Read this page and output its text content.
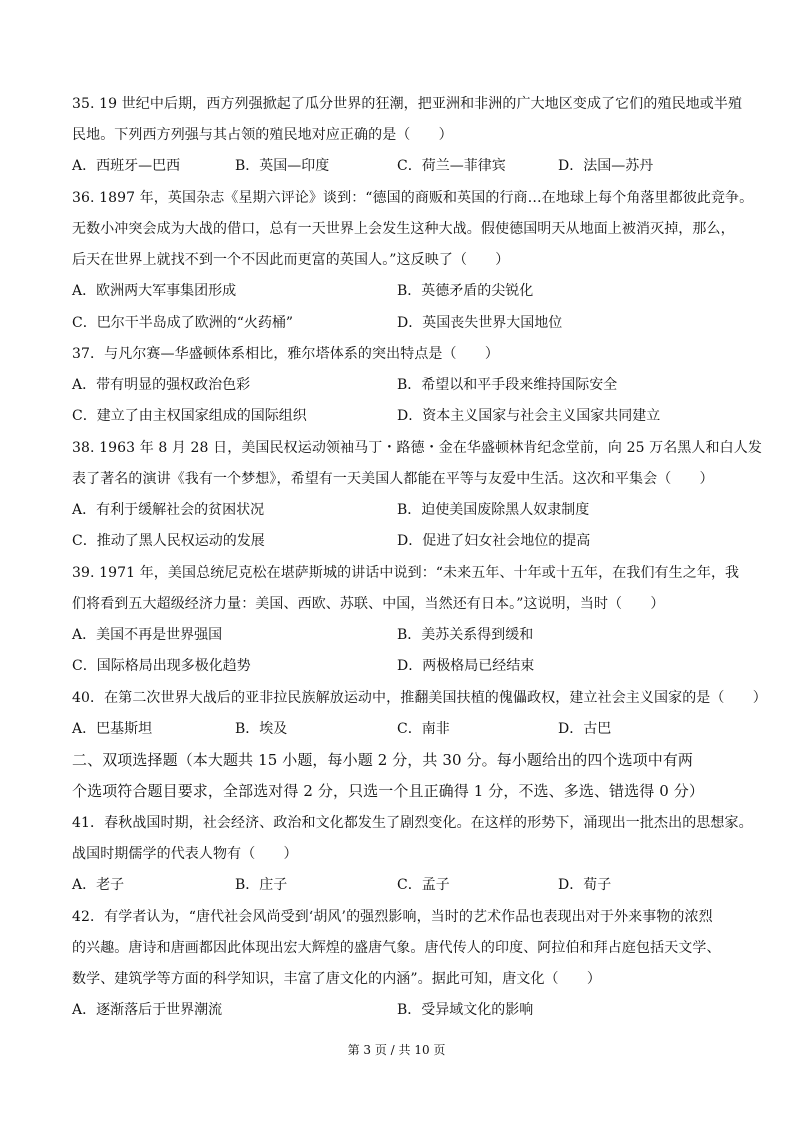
35. 19 世纪中后期，西方列强掀起了瓜分世界的狂潮，把亚洲和非洲的广大地区变成了它们的殖民地或半殖
民地。下列西方列强与其占领的殖民地对应正确的是（　　）
A．西班牙—巴西	B．英国—印度	C．荷兰—菲律宾	D．法国—苏丹
36. 1897 年，英国杂志《星期六评论》谈到：“德国的商贩和英国的行商…在地球上每个角落里都彼此竞争。
无数小冲突会成为大战的借口，总有一天世界上会发生这种大战。假使德国明天从地面上被消灭掉，那么，
后天在世界上就找不到一个不因此而更富的英国人。”这反映了（　　）
A．欧洲两大军事集团形成	B．英德矛盾的尖锐化
C．巴尔干半岛成了欧洲的“火药桶”	D．英国丧失世界大国地位
37．与凡尔赛—华盛顿体系相比，雅尔塔体系的突出特点是（　　）
A．带有明显的强权政治色彩	B．希望以和平手段来维持国际安全
C．建立了由主权国家组成的国际组织	D．资本主义国家与社会主义国家共同建立
38. 1963 年 8 月 28 日，美国民权运动领袖马丁・路德・金在华盛顿林肯纪念堂前，向 25 万名黑人和白人发
表了著名的演讲《我有一个梦想》，希望有一天美国人都能在平等与友爱中生活。这次和平集会（　　）
A．有利于缓解社会的贫困状况	B．迫使美国废除黑人奴隶制度
C．推动了黑人民权运动的发展	D．促进了妇女社会地位的提高
39. 1971 年，美国总统尼克松在堪萨斯城的讲话中说到：“未来五年、十年或十五年，在我们有生之年，我
们将看到五大超级经济力量：美国、西欧、苏联、中国，当然还有日本。”这说明，当时（　　）
A．美国不再是世界强国	B．美苏关系得到缓和
C．国际格局出现多极化趋势	D．两极格局已经结束
40．在第二次世界大战后的亚非拉民族解放运动中，推翻美国扶植的傀儡政权，建立社会主义国家的是（　　）
A．巴基斯坦	B．埃及	C．南非	D．古巴
二、双项选择题（本大题共 15 小题，每小题 2 分，共 30 分。每小题给出的四个选项中有两
个选项符合题目要求，全部选对得 2 分，只选一个且正确得 1 分，不选、多选、错选得 0 分）
41．春秋战国时期，社会经济、政治和文化都发生了剧烈变化。在这样的形势下，涌现出一批杰出的思想家。
战国时期儒学的代表人物有（　　）
A．老子	B．庄子	C．孟子	D．荀子
42．有学者认为，“唐代社会风尚受到‘胡风’的强烈影响，当时的艺术作品也表现出对于外来事物的浓烈
的兴趣。唐诗和唐画都因此体现出宏大辉煌的盛唐气象。唐代传人的印度、阿拉伯和拜占庭包括天文学、
数学、建筑学等方面的科学知识，丰富了唐文化的内涵”。据此可知，唐文化（　　）
A．逐渐落后于世界潮流	B．受异域文化的影响
第 3 页 / 共 10 页
